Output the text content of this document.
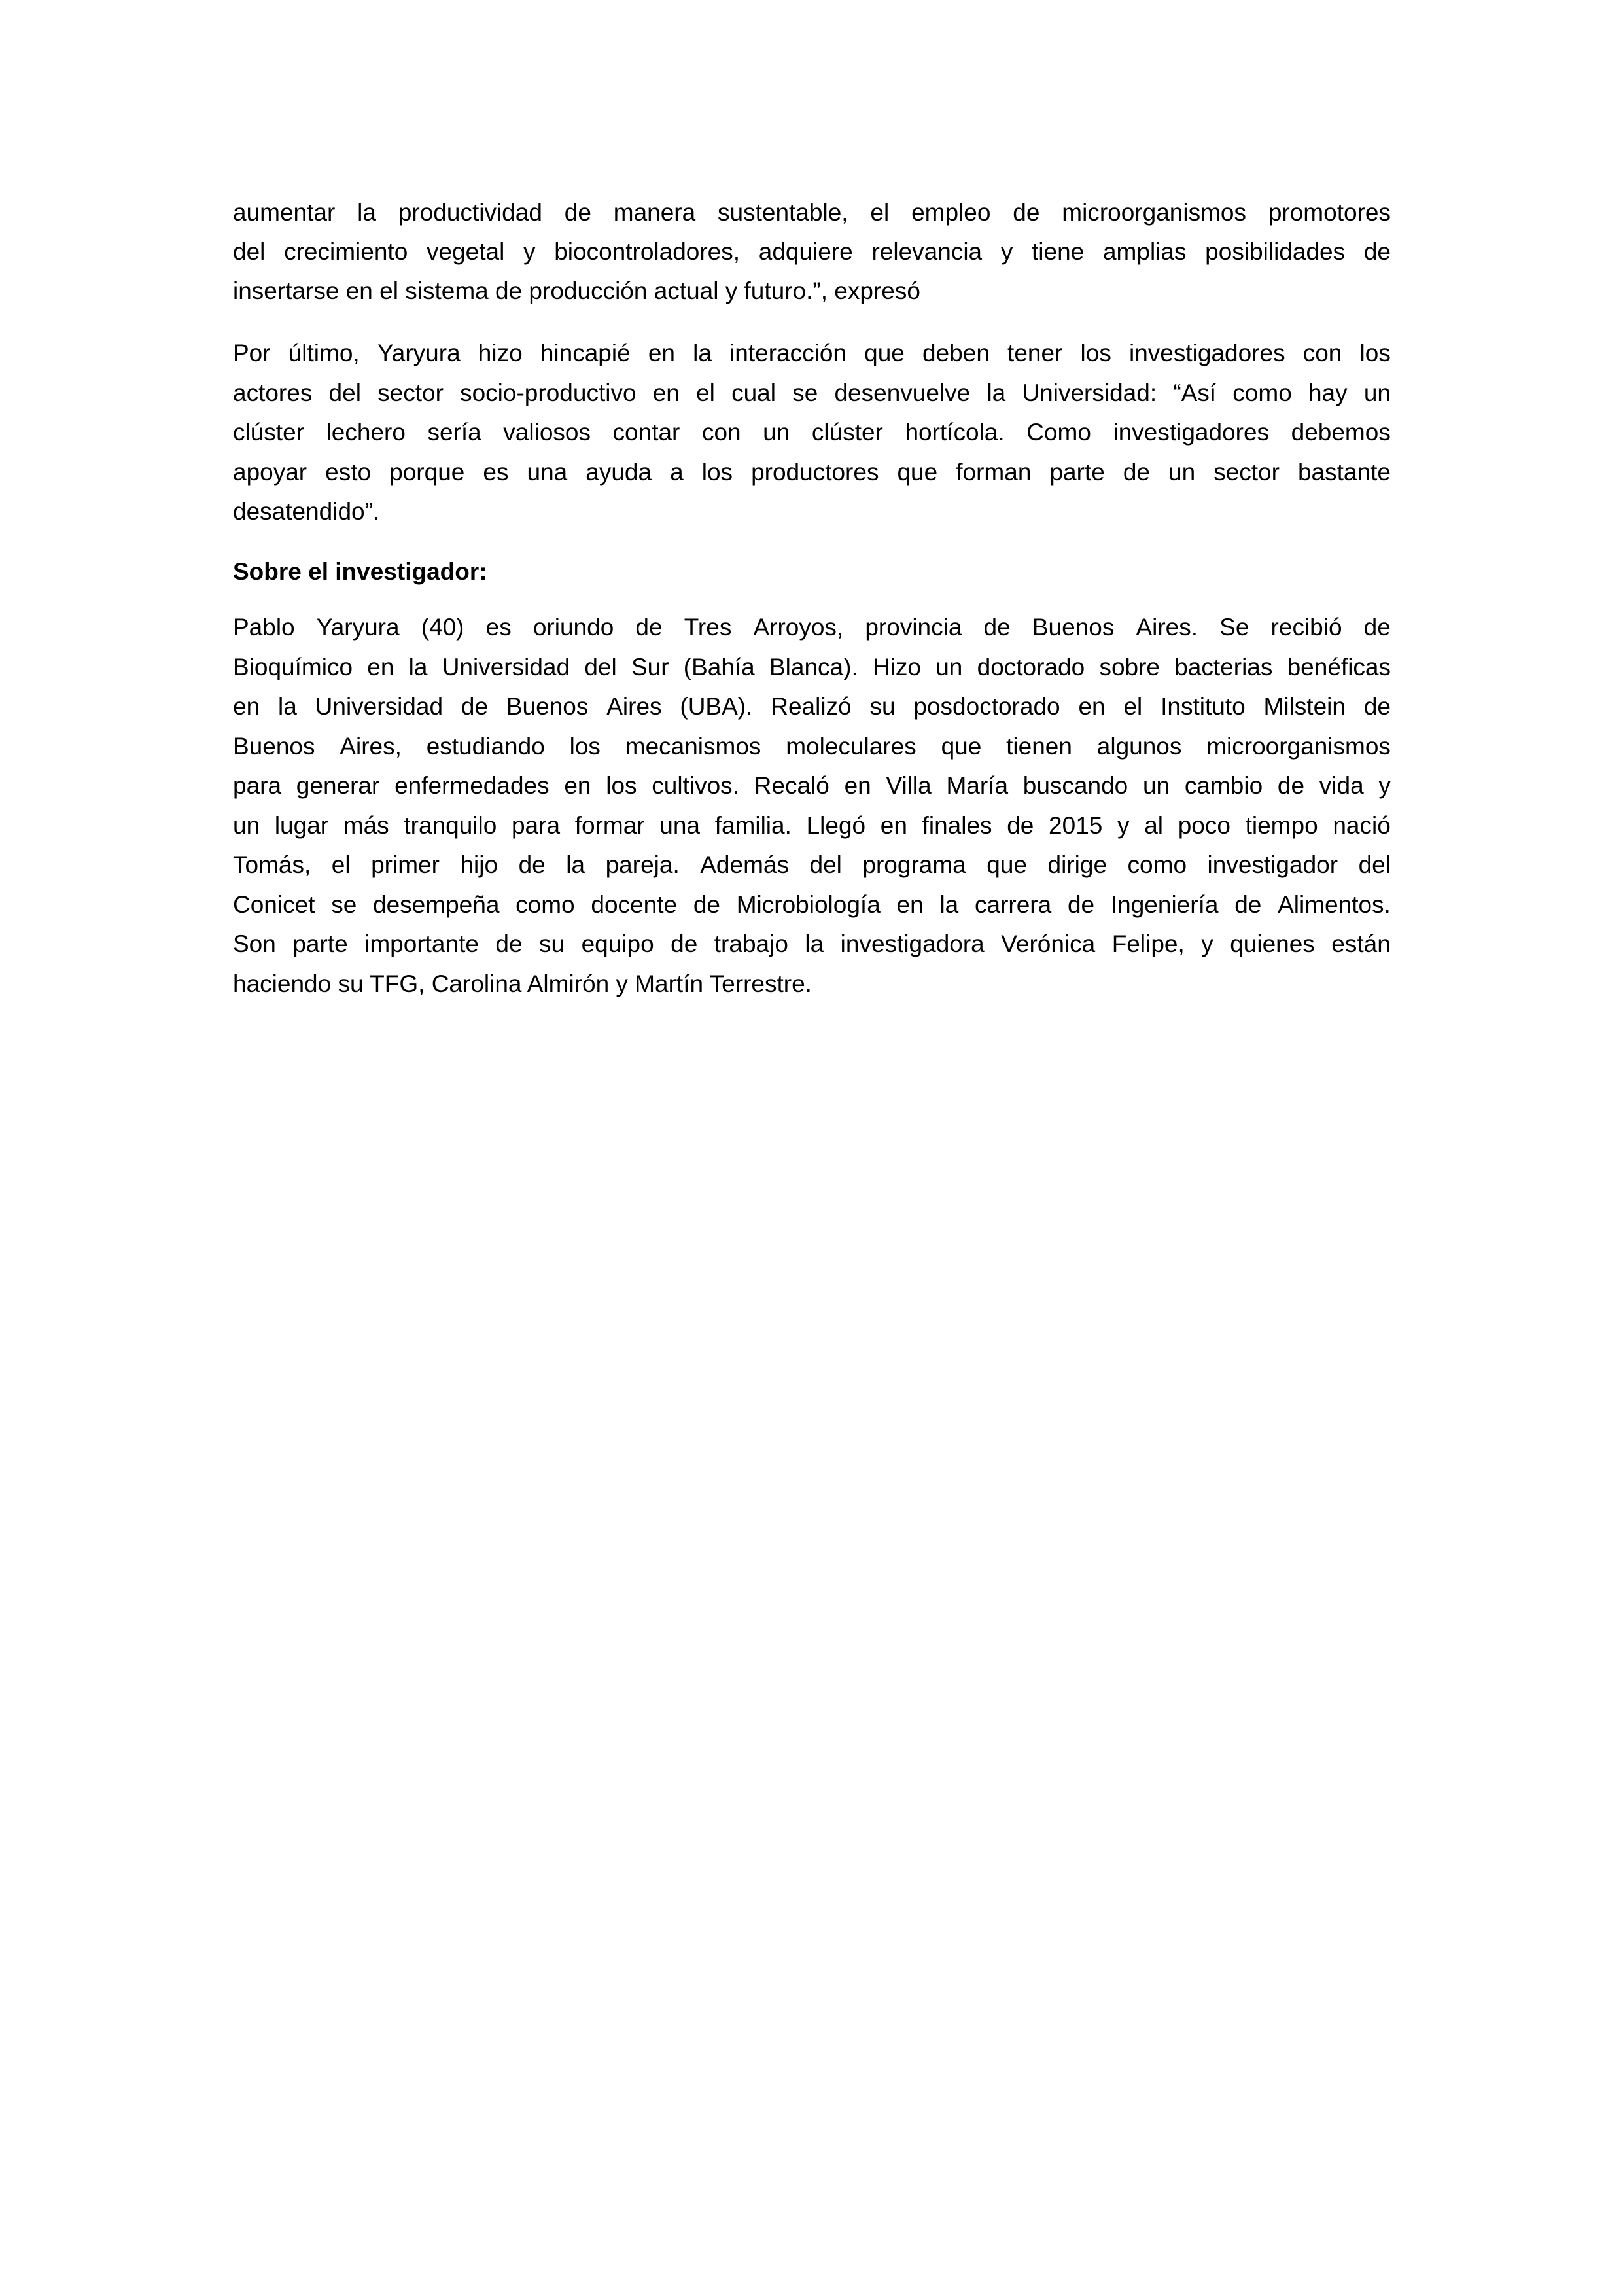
aumentar la productividad de manera sustentable, el empleo de microorganismos promotores
del crecimiento vegetal y biocontroladores, adquiere relevancia y tiene amplias posibilidades de
insertarse en el sistema de producción actual y futuro.”, expresó
Por último, Yaryura hizo hincapié en la interacción que deben tener los investigadores con los
actores del sector socio-productivo en el cual se desenvuelve la Universidad: “Así como hay un
clúster lechero sería valiosos contar con un clúster hortícola. Como investigadores debemos
apoyar esto porque es una ayuda a los productores que forman parte de un sector bastante
desatendido”.
Sobre el investigador:
Pablo Yaryura (40) es oriundo de Tres Arroyos, provincia de Buenos Aires. Se recibió de
Bioquímico en la Universidad del Sur (Bahía Blanca). Hizo un doctorado sobre bacterias benéficas
en la Universidad de Buenos Aires (UBA). Realizó su posdoctorado en el Instituto Milstein de
Buenos Aires, estudiando los mecanismos moleculares que tienen algunos microorganismos
para generar enfermedades en los cultivos. Recaló en Villa María buscando un cambio de vida y
un lugar más tranquilo para formar una familia. Llegó en finales de 2015 y al poco tiempo nació
Tomás, el primer hijo de la pareja. Además del programa que dirige como investigador del
Conicet se desempeña como docente de Microbiología en la carrera de Ingeniería de Alimentos.
Son parte importante de su equipo de trabajo la investigadora Verónica Felipe, y quienes están
haciendo su TFG, Carolina Almirón y Martín Terrestre.
